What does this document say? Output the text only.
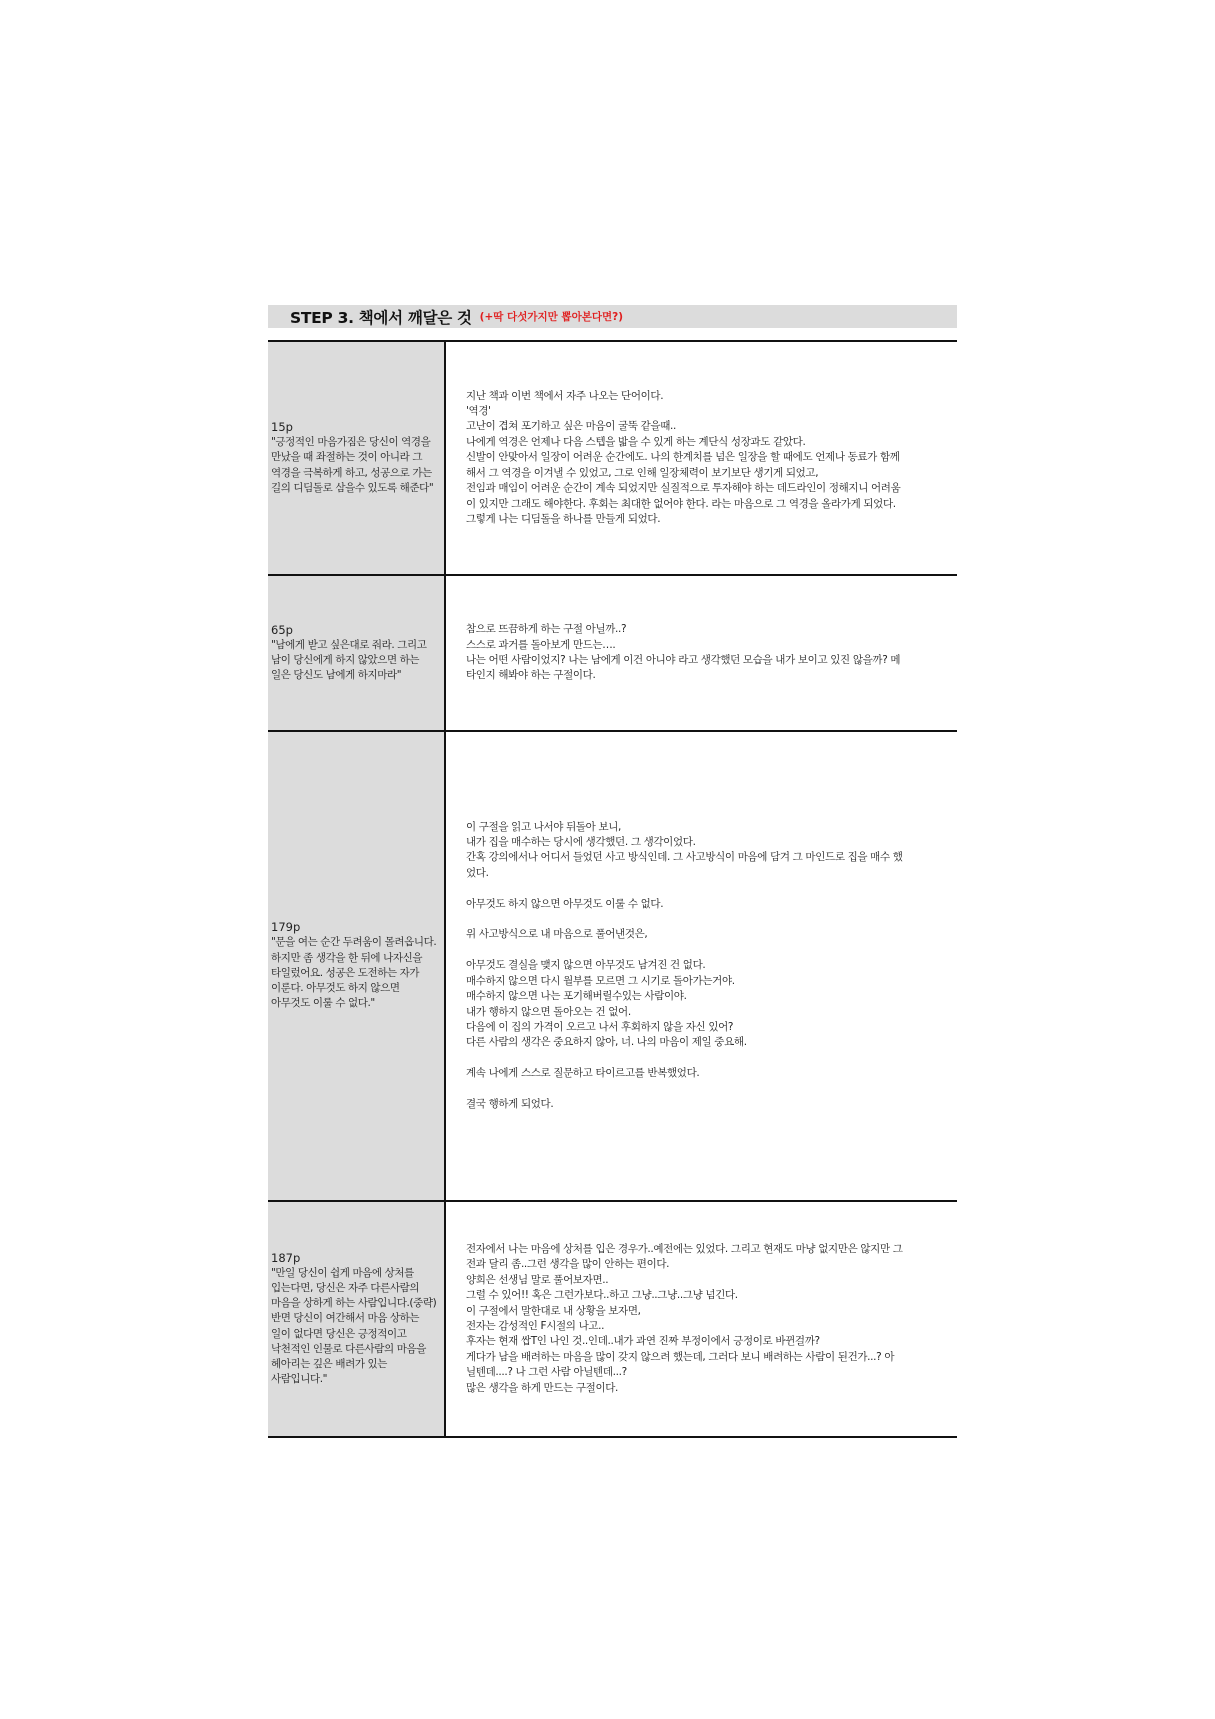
STEP 3. 책에서 깨달은 것 (+딱 다섯가지만 뽑아본다면?)
15p
"긍정적인 마음가짐은 당신이 역경을 만났을 때 좌절하는 것이 아니라 그 역경을 극복하게 하고, 성공으로 가는 길의 디딤돌로 삼을수 있도록 해준다"
지난 책과 이번 책에서 자주 나오는 단어이다.
'역경'
고난이 겹쳐 포기하고 싶은 마음이 굴뚝 같을때..
나에게 역경은 언제나 다음 스텝을 밟을 수 있게 하는 계단식 성장과도 같았다.
신발이 안맞아서 일장이 어려운 순간에도. 나의 한계치를 넘은 일장을 할 때에도 언제나 동료가 함께
해서 그 역경을 이겨낼 수 있었고, 그로 인해 일장체력이 보기보단 생기게 되었고,
전임과 매임이 어려운 순간이 계속 되었지만 실질적으로 투자해야 하는 데드라인이 정해지니 어려움
이 있지만 그래도 해야한다. 후회는 최대한 없어야 한다. 라는 마음으로 그 역경을 올라가게 되었다.
그렇게 나는 디딤돌을 하나를 만들게 되었다.
65p
"남에게 받고 싶은대로 줘라. 그리고 남이 당신에게 하지 않았으면 하는 일은 당신도 남에게 하지마라"
참으로 뜨끔하게 하는 구절 아닐까..?
스스로 과거를 돌아보게 만드는….
나는 어떤 사람이었지? 나는 남에게 이건 아니야 라고 생각했던 모습을 내가 보이고 있진 않을까? 메
타인지 해봐야 하는 구절이다.
179p
"문을 여는 순간 두려움이 몰려옵니다. 하지만 좀 생각을 한 뒤에 나자신을 타일렀어요. 성공은 도전하는 자가 이룬다. 아무것도 하지 않으면 아무것도 이룰 수 없다."
이 구절을 읽고 나서야 뒤돌아 보니,
내가 집을 매수하는 당시에 생각했던. 그 생각이었다.
간혹 강의에서나 어디서 들었던 사고 방식인데. 그 사고방식이 마음에 담겨 그 마인드로 집을 매수 했
었다.
아무것도 하지 않으면 아무것도 이룰 수 없다.
위 사고방식으로 내 마음으로 풀어낸것은,
아무것도 결실을 맺지 않으면 아무것도 남겨진 건 없다.
매수하지 않으면 다시 월부를 모르면 그 시기로 돌아가는거야.
매수하지 않으면 나는 포기해버릴수있는 사람이야.
내가 행하지 않으면 돌아오는 건 없어.
다음에 이 집의 가격이 오르고 나서 후회하지 않을 자신 있어?
다른 사람의 생각은 중요하지 않아, 너. 나의 마음이 제일 중요해.
계속 나에게 스스로 질문하고 타이르고를 반복했었다.
결국 행하게 되었다.
187p
"만일 당신이 쉽게 마음에 상처를 입는다면, 당신은 자주 다른사람의 마음을 상하게 하는 사람입니다.(중략) 반면 당신이 여간해서 마음 상하는 일이 없다면 당신은 긍정적이고 낙천적인 인물로 다른사람의 마음을 헤아리는 깊은 배려가 있는 사람입니다."
전자에서 나는 마음에 상처를 입은 경우가..예전에는 있었다. 그리고 현재도 마냥 없지만은 않지만 그
전과 달리 좀..그런 생각을 많이 안하는 편이다.
양희은 선생님 말로 풀어보자면..
그럴 수 있어!! 혹은 그런가보다..하고 그냥..그냥..그냥 넘긴다.
이 구절에서 말한대로 내 상황을 보자면,
전자는 감성적인 F시절의 나고..
후자는 현재 쌉T인 나인 것..인데..내가 과연 진짜 부정이에서 긍정이로 바뀐걸까?
게다가 남을 배려하는 마음을 많이 갖지 않으려 했는데, 그러다 보니 배려하는 사람이 된건가...? 아
닐텐데....? 나 그런 사람 아닐텐데...?
많은 생각을 하게 만드는 구절이다.
